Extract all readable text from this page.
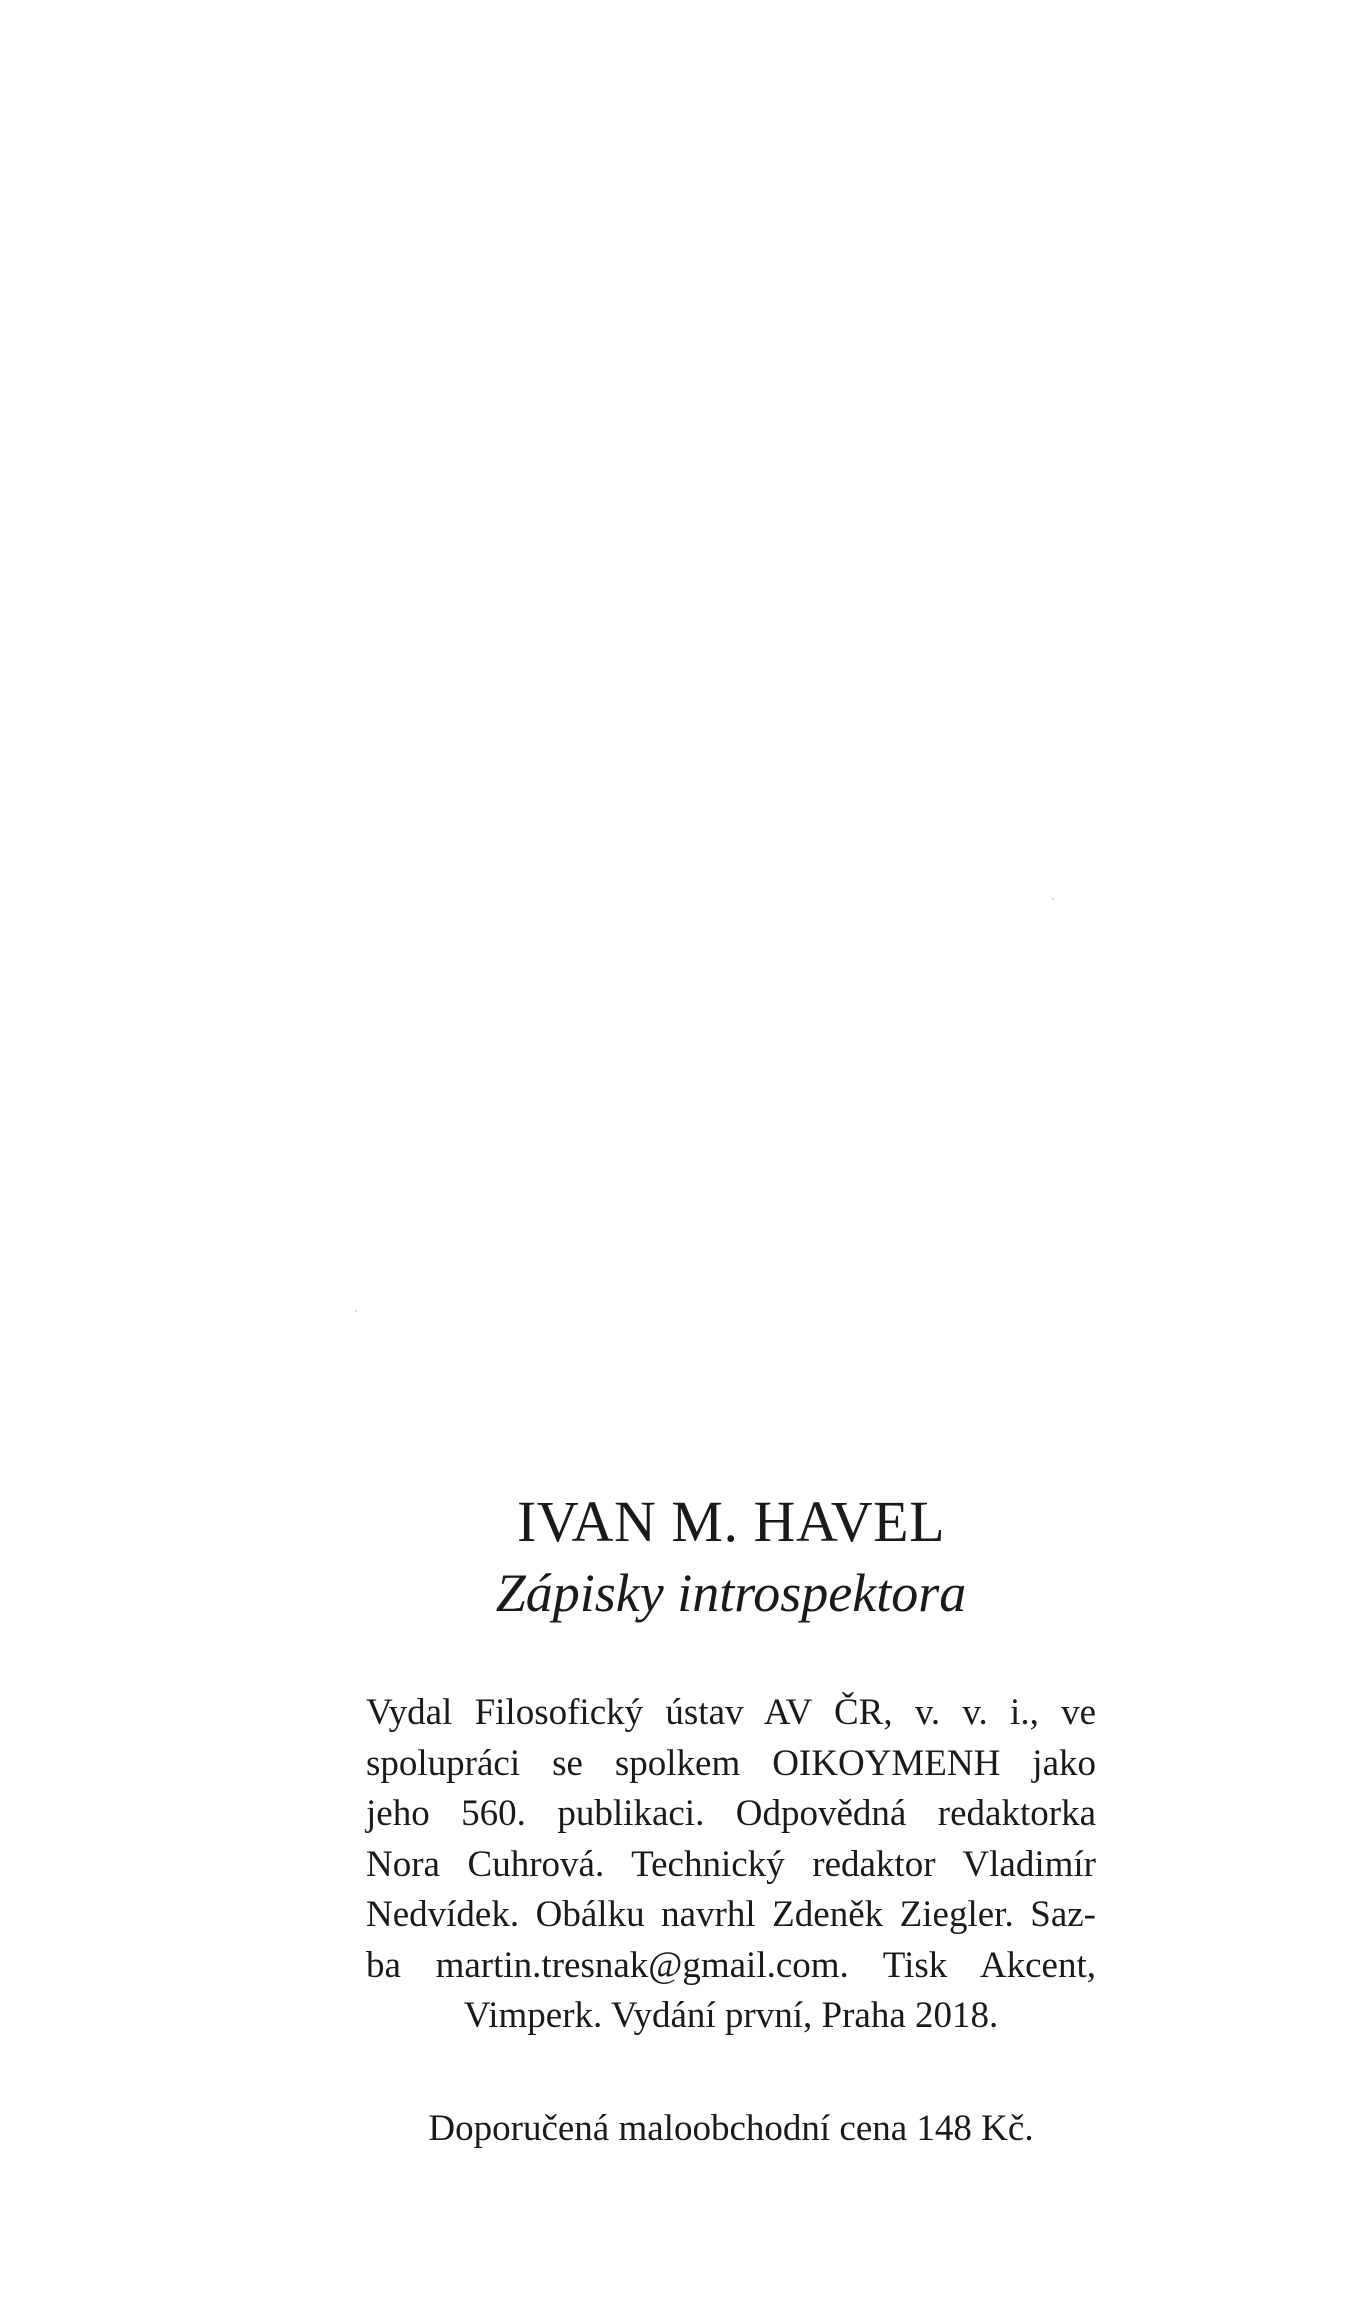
IVAN M. HAVEL
Zápisky introspektora
Vydal Filosofický ústav AV ČR, v. v. i., ve
spolupráci se spolkem OIKOYMENH jako
jeho 560. publikaci. Odpovědná redaktorka
Nora Cuhrová. Technický redaktor Vladimír
Nedvídek. Obálku navrhl Zdeněk Ziegler. Saz-
ba martin.tresnak@gmail.com. Tisk Akcent,
Vimperk. Vydání první, Praha 2018.
Doporučená maloobchodní cena 148 Kč.
